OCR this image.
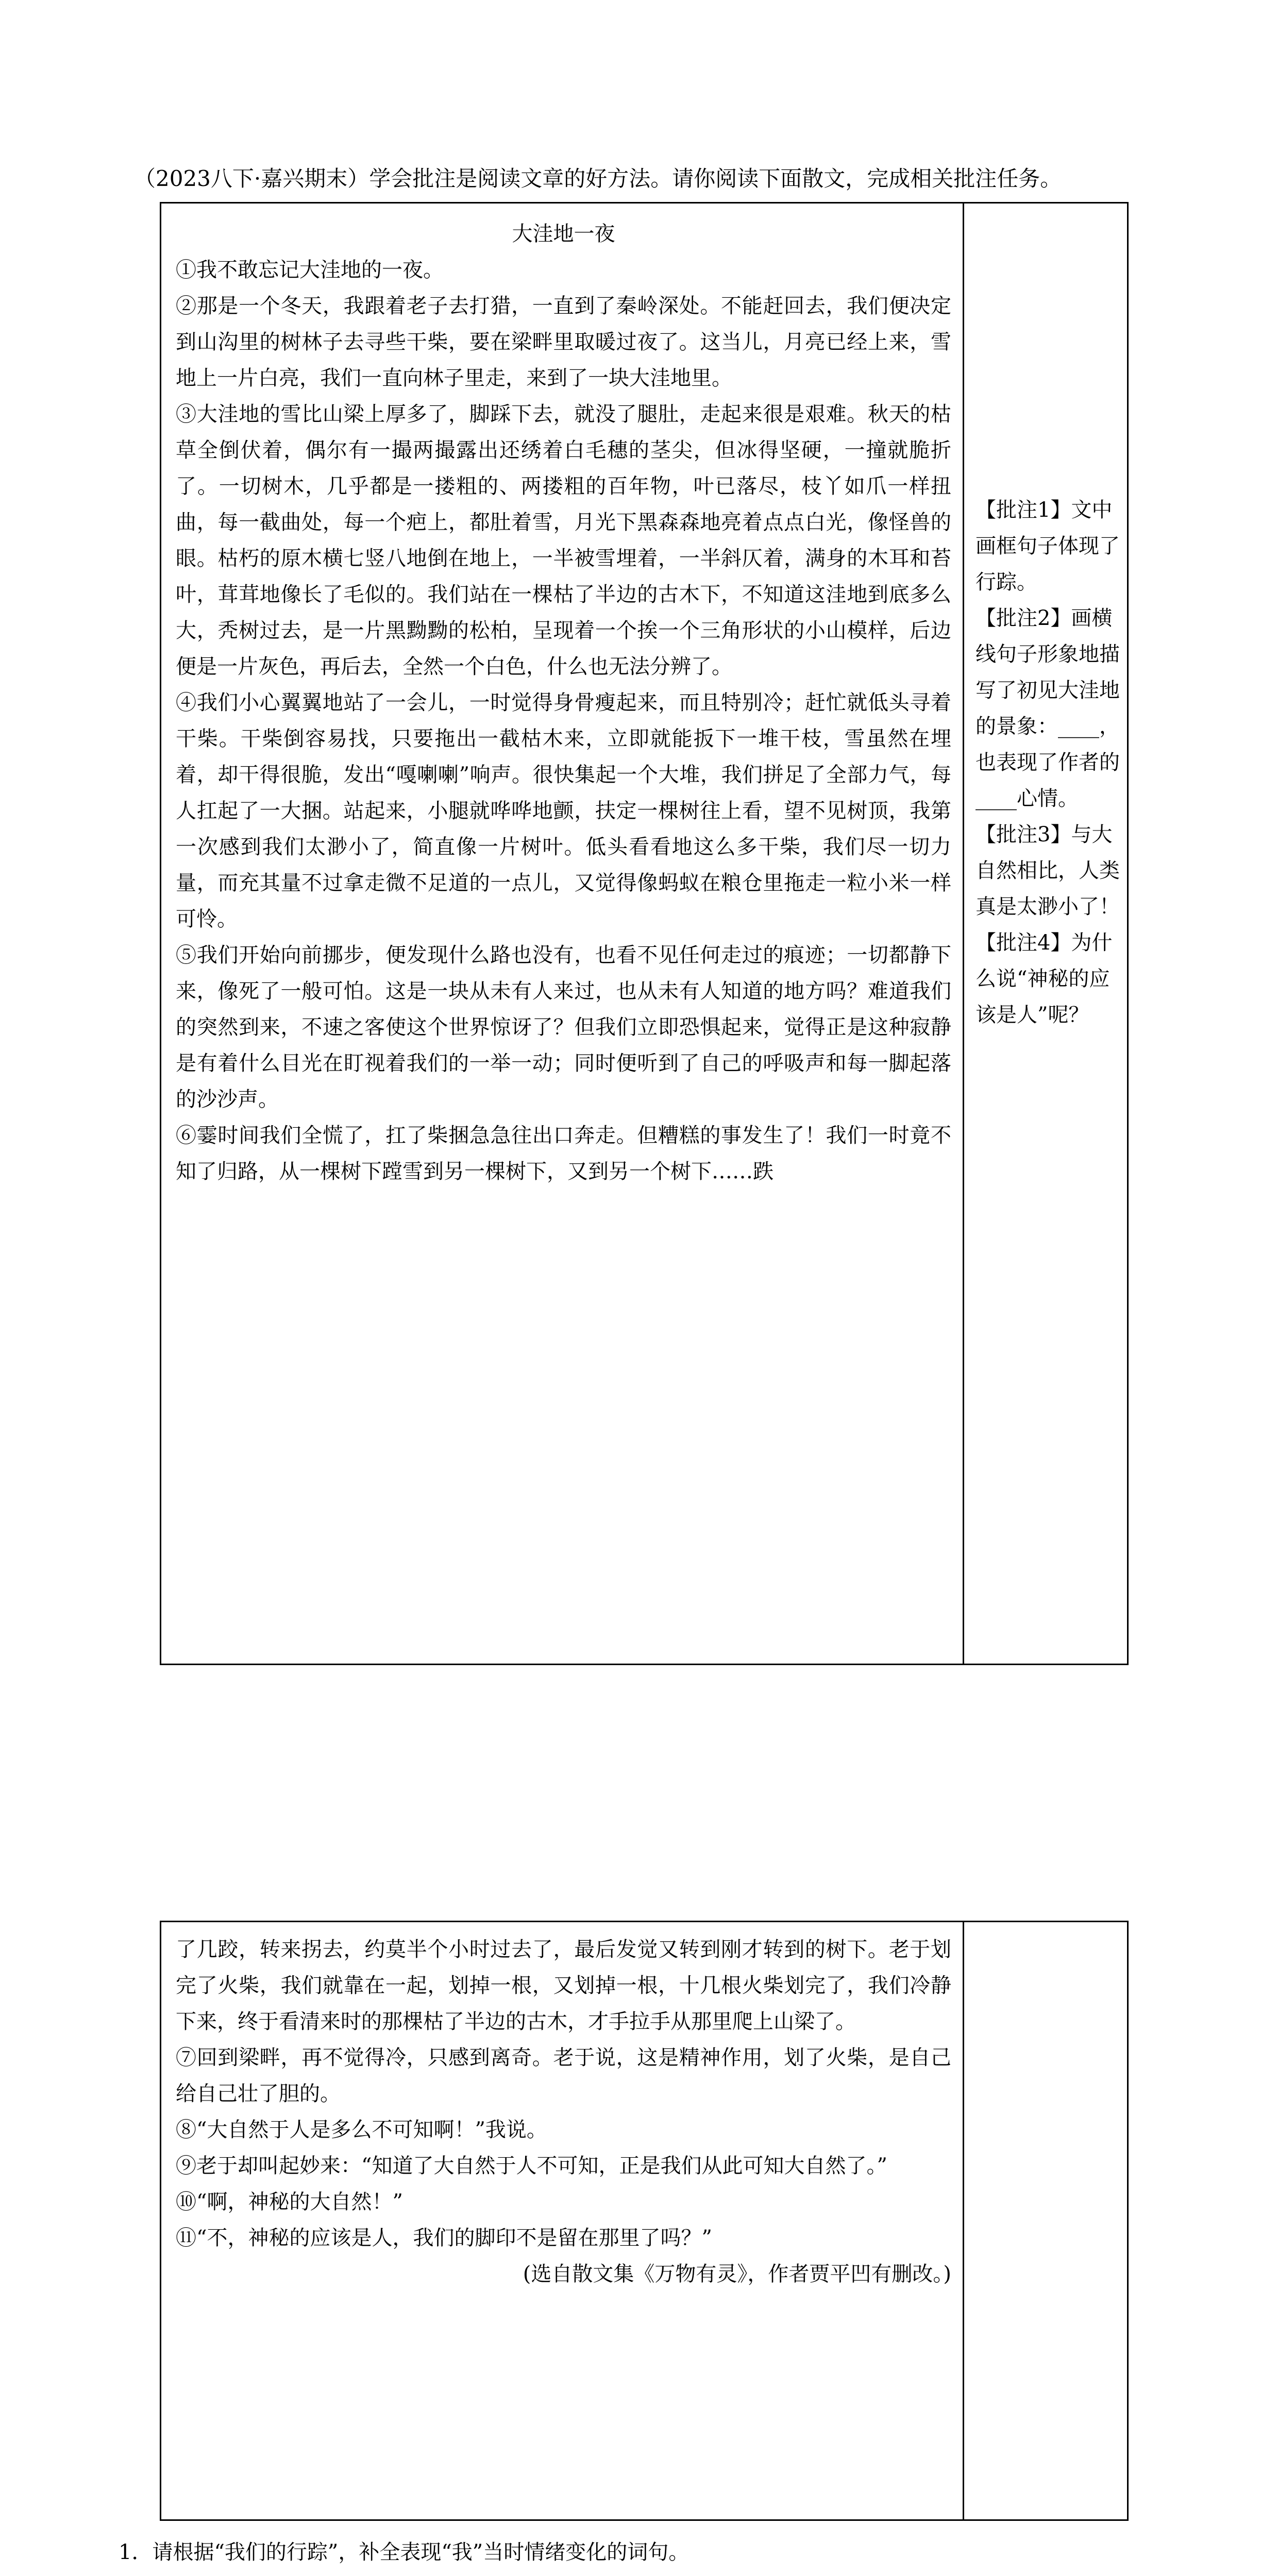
（2023八下·嘉兴期末）学会批注是阅读文章的好方法。请你阅读下面散文，完成相关批注任务。

大洼地一夜

①我不敢忘记大洼地的一夜。

②那是一个冬天，我跟着老子去打猎，一直到了秦岭深处。不能赶回去，我们便决定到山沟里的树林子去寻些干柴，要在梁畔里取暖过夜了。这当儿，月亮已经上来，雪地上一片白亮，我们一直向林子里走，来到了一块大洼地里。

③大洼地的雪比山梁上厚多了，脚踩下去，就没了腿肚，走起来很是艰难。秋天的枯草全倒伏着，偶尔有一撮两撮露出还绣着白毛穗的茎尖，但冰得坚硬，一撞就脆折了。一切树木，几乎都是一搂粗的、两搂粗的百年物，叶已落尽，枝丫如爪一样扭曲，每一截曲处，每一个疤上，都肚着雪，月光下黑森森地亮着点点白光，像怪兽的眼。枯朽的原木横七竖八地倒在地上，一半被雪埋着，一半斜仄着，满身的木耳和苔叶，茸茸地像长了毛似的。我们站在一棵枯了半边的古木下，不知道这洼地到底多么大，秃树过去，是一片黑黝黝的松柏，呈现着一个挨一个三角形状的小山模样，后边便是一片灰色，再后去，全然一个白色，什么也无法分辨了。

④我们小心翼翼地站了一会儿，一时觉得身骨瘦起来，而且特别冷；赶忙就低头寻着干柴。干柴倒容易找，只要拖出一截枯木来，立即就能扳下一堆干枝，雪虽然在埋着，却干得很脆，发出“嘎喇喇”响声。很快集起一个大堆，我们拼足了全部力气，每人扛起了一大捆。站起来，小腿就哗哗地颤，扶定一棵树往上看，望不见树顶，我第一次感到我们太渺小了，简直像一片树叶。低头看看地这么多干柴，我们尽一切力量，而充其量不过拿走微不足道的一点儿，又觉得像蚂蚁在粮仓里拖走一粒小米一样可怜。

⑤我们开始向前挪步，便发现什么路也没有，也看不见任何走过的痕迹；一切都静下来，像死了一般可怕。这是一块从未有人来过，也从未有人知道的地方吗？难道我们的突然到来，不速之客使这个世界惊讶了？但我们立即恐惧起来，觉得正是这种寂静是有着什么目光在盯视着我们的一举一动；同时便听到了自己的呼吸声和每一脚起落的沙沙声。

⑥霎时间我们全慌了，扛了柴捆急急往出口奔走。但糟糕的事发生了！我们一时竟不知了归路，从一棵树下蹚雪到另一棵树下，又到另一个树下……跌

【批注1】文中画框句子体现了行踪。

【批注2】画横线句子形象地描写了初见大洼地的景象：____，也表现了作者的____心情。

【批注3】与大自然相比，人类真是太渺小了！

【批注4】为什么说“神秘的应该是人”呢？

了几跤，转来拐去，约莫半个小时过去了，最后发觉又转到刚才转到的树下。老于划完了火柴，我们就靠在一起，划掉一根，又划掉一根，十几根火柴划完了，我们冷静下来，终于看清来时的那棵枯了半边的古木，才手拉手从那里爬上山梁了。

⑦回到梁畔，再不觉得冷，只感到离奇。老于说，这是精神作用，划了火柴，是自己给自己壮了胆的。

⑧“大自然于人是多么不可知啊！”我说。

⑨老于却叫起妙来：“知道了大自然于人不可知，正是我们从此可知大自然了。”

⑩“啊，神秘的大自然！”

⑪“不，神秘的应该是人，我们的脚印不是留在那里了吗？”

(选自散文集《万物有灵》，作者贾平凹有删改。)

1．请根据“我们的行踪”，补全表现“我”当时情绪变化的词句。
